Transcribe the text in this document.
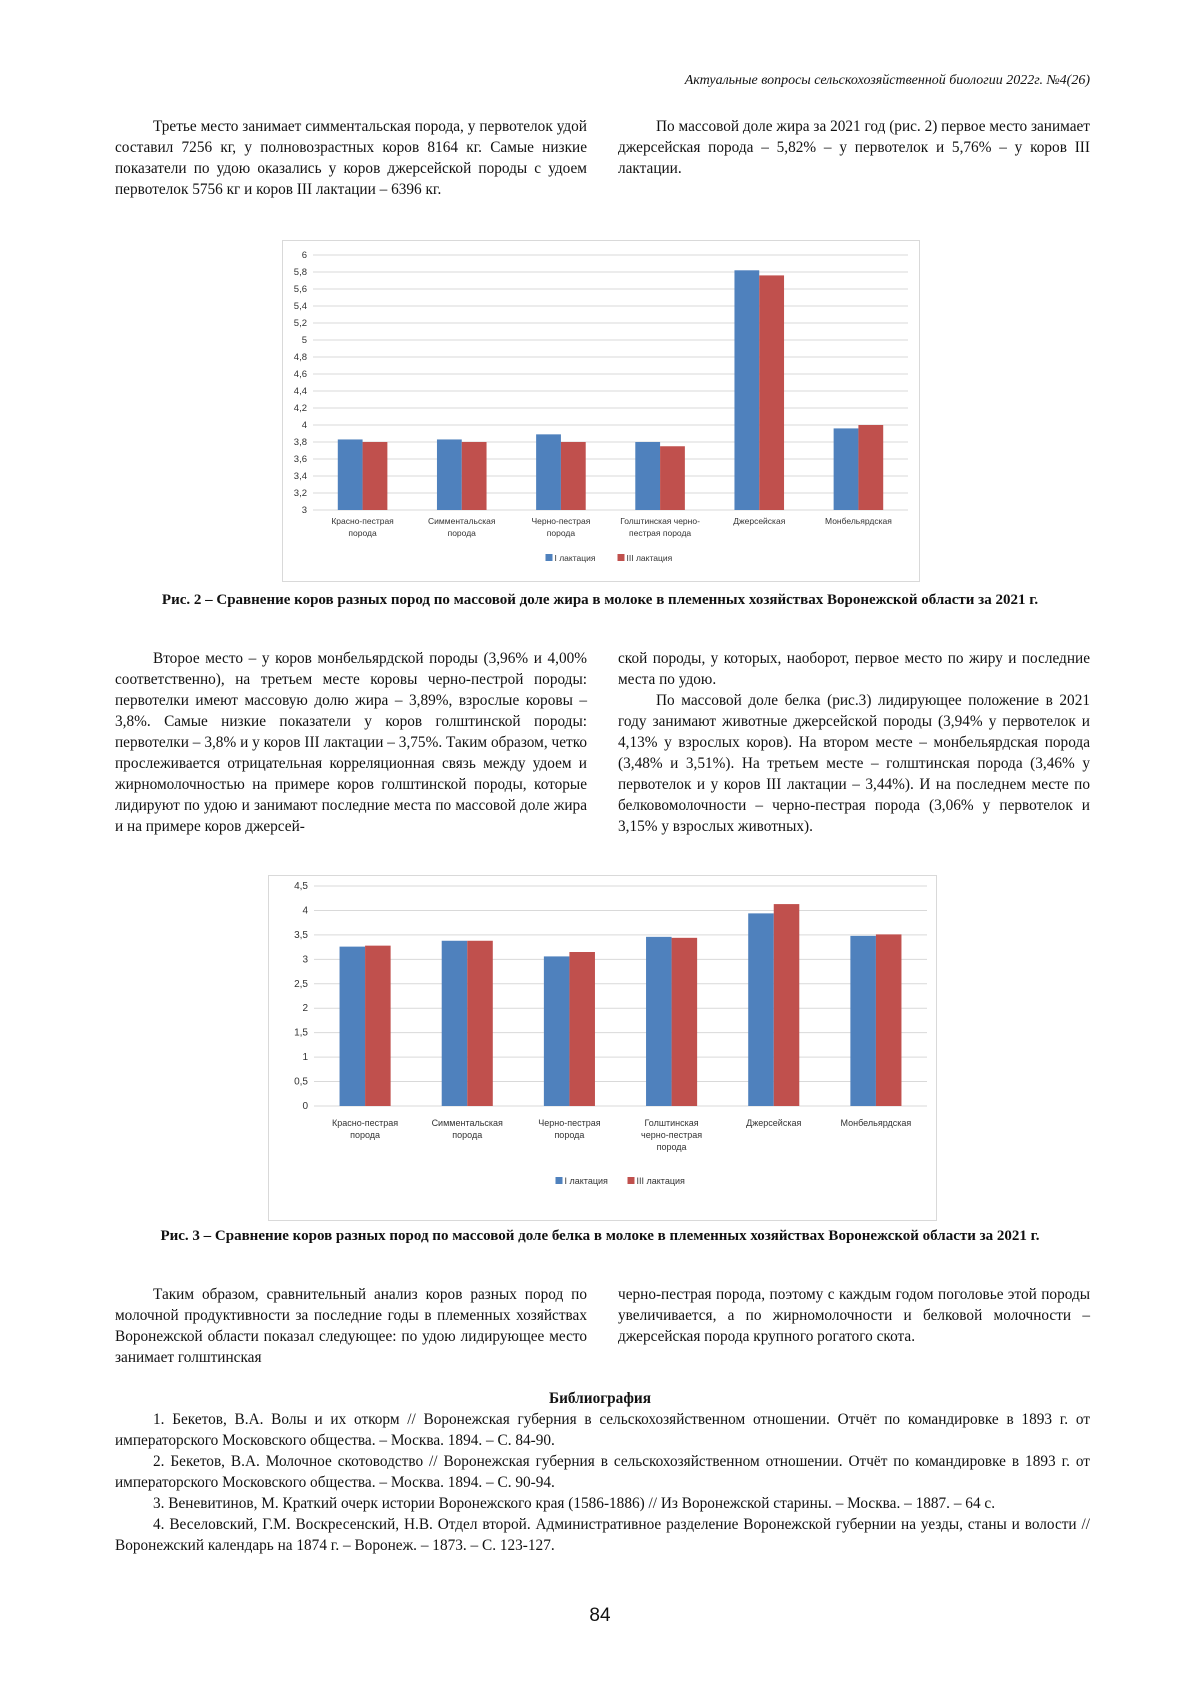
Актуальные вопросы сельскохозяйственной биологии 2022г. №4(26)

Третье место занимает симментальская порода, у первотелок удой составил 7256 кг, у полновозрастных коров 8164 кг. Самые низкие показатели по удою оказались у коров джерсейской породы с удоем первотелок 5756 кг и коров III лактации – 6396 кг.

По массовой доле жира за 2021 год (рис. 2) первое место занимает джерсейская порода – 5,82% – у первотелок и 5,76% – у коров III лактации.

3
3,2
3,4
3,6
3,8
4
4,2
4,4
4,6
4,8
5
5,2
5,4
5,6
5,8
6
Красно-пестрая порода
Симментальская порода
Черно-пестрая порода
Голштинская черно-пестрая порода
Джерсейская	Монбельярдская
I лактация	III лактация
Рис. 2 – Сравнение коров разных пород по массовой доле жира в молоке в племенных хозяйствах Воронежской области за 2021 г.

Второе место – у коров монбельярдской породы (3,96% и 4,00% соответственно), на третьем месте коровы черно-пестрой породы: первотелки имеют массовую долю жира – 3,89%, взрослые коровы – 3,8%. Самые низкие показатели у коров голштинской породы: первотелки – 3,8% и у коров III лактации – 3,75%. Таким образом, четко прослеживается отрицательная корреляционная связь между удоем и жирномолочностью на примере коров голштинской породы, которые лидируют по удою и занимают последние места по массовой доле жира и на примере коров джерсей-

ской породы, у которых, наоборот, первое место по жиру и последние места по удою.

По массовой доле белка (рис.3) лидирующее положение в 2021 году занимают животные джерсейской породы (3,94% у первотелок и 4,13% у взрослых коров). На втором месте – монбельярдская порода (3,48% и 3,51%). На третьем месте – голштинская порода (3,46% у первотелок и у коров III лактации – 3,44%). И на последнем месте по белковомолочности – черно-пестрая порода (3,06% у первотелок и 3,15% у взрослых животных).

0
0,5
1
1,5
2
2,5
3
3,5
4
4,5
Красно-пестрая порода
Симментальская порода
Черно-пестрая порода
Голштинская черно-пестрая порода
Джерсейская	Монбельярдская
I лактация	III лактация
Рис. 3 – Сравнение коров разных пород по массовой доле белка в молоке в племенных хозяйствах Воронежской области за 2021 г.

Таким образом, сравнительный анализ коров разных пород по молочной продуктивности за последние годы в племенных хозяйствах Воронежской области показал следующее: по удою лидирующее место занимает голштинская

черно-пестрая порода, поэтому с каждым годом поголовье этой породы увеличивается, а по жирномолочности и белковой молочности – джерсейская порода крупного рогатого скота.

Библиография

1. Бекетов, В.А. Волы и их откорм // Воронежская губерния в сельскохозяйственном отношении. Отчёт по командировке в 1893 г. от императорского Московского общества. – Москва. 1894. – С. 84-90.

2. Бекетов, В.А. Молочное скотоводство // Воронежская губерния в сельскохозяйственном отношении. Отчёт по командировке в 1893 г. от императорского Московского общества. – Москва. 1894. – С. 90-94.

3. Веневитинов, М. Краткий очерк истории Воронежского края (1586-1886) // Из Воронежской старины. – Москва. – 1887. – 64 с.

4. Веселовский, Г.М. Воскресенский, Н.В. Отдел второй. Административное разделение Воронежской губернии на уезды, станы и волости // Воронежский календарь на 1874 г. – Воронеж. – 1873. – С. 123-127.

84
